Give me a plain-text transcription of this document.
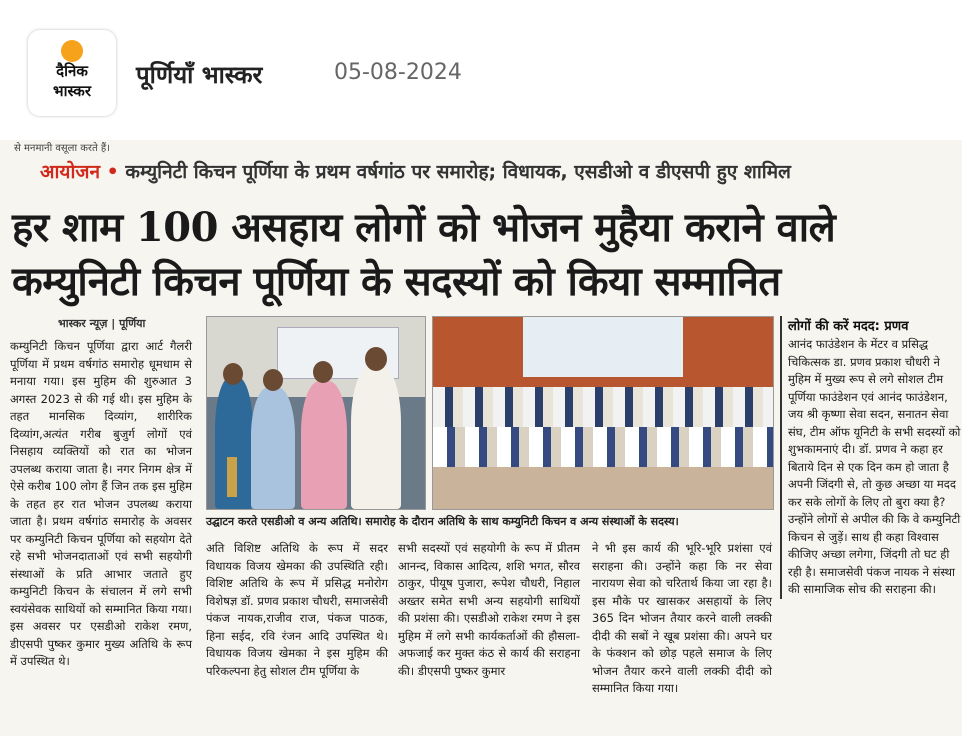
दैनिक
भास्कर
पूर्णियाँ भास्कर	05-08-2024
से मनमानी वसूला करते हैं।
आयोजन • कम्युनिटी किचन पूर्णिया के प्रथम वर्षगांठ पर समारोह; विधायक, एसडीओ व डीएसपी हुए शामिल
हर शाम 100 असहाय लोगों को भोजन मुहैया कराने वाले
कम्युनिटी किचन पूर्णिया के सदस्यों को किया सम्मानित
भास्कर न्यूज़ | पूर्णिया
कम्युनिटी किचन पूर्णिया द्वारा आर्ट गैलरी पूर्णिया में प्रथम वर्षगांठ समारोह धूमधाम से मनाया गया। इस मुहिम की शुरुआत 3 अगस्त 2023 से की गई थी। इस मुहिम के तहत मानसिक दिव्यांग, शारीरिक दिव्यांग,अत्यंत गरीब बुजुर्ग लोगों एवं निसहाय व्यक्तियों को रात का भोजन उपलब्ध कराया जाता है। नगर निगम क्षेत्र में ऐसे करीब 100 लोग हैं जिन तक इस मुहिम के तहत हर रात भोजन उपलब्ध कराया जाता है। प्रथम वर्षगांठ समारोह के अवसर पर कम्युनिटी किचन पूर्णिया को सहयोग देते रहे सभी भोजनदाताओं एवं सभी सहयोगी संस्थाओं के प्रति आभार जताते हुए कम्युनिटी किचन के संचालन में लगे सभी स्वयंसेवक साथियों को सम्मानित किया गया। इस अवसर पर एसडीओ राकेश रमण, डीएसपी पुष्कर कुमार मुख्य अतिथि के रूप में उपस्थित थे।
उद्घाटन करते एसडीओ व अन्य अतिथि। समारोह के दौरान अतिथि के साथ कम्युनिटी किचन व अन्य संस्थाओं के सदस्य।
अति विशिष्ट अतिथि के रूप में सदर विधायक विजय खेमका की उपस्थिति रही। विशिष्ट अतिथि के रूप में प्रसिद्ध मनोरोग विशेषज्ञ डॉ. प्रणव प्रकाश चौधरी, समाजसेवी पंकज नायक,राजीव राज, पंकज पाठक, हिना सईद, रवि रंजन आदि उपस्थित थे। विधायक विजय खेमका ने इस मुहिम की परिकल्पना हेतु सोशल टीम पूर्णिया के
सभी सदस्यों एवं सहयोगी के रूप में प्रीतम आनन्द, विकास आदित्य, शशि भगत, सौरव ठाकुर, पीयूष पुजारा, रूपेश चौधरी, निहाल अख्तर समेत सभी अन्य सहयोगी साथियों की प्रशंसा की। एसडीओ राकेश रमण ने इस मुहिम में लगे सभी कार्यकर्ताओं की हौसला-अफजाई कर मुक्त कंठ से कार्य की सराहना की। डीएसपी पुष्कर कुमार
ने भी इस कार्य की भूरि-भूरि प्रशंसा एवं सराहना की। उन्होंने कहा कि नर सेवा नारायण सेवा को चरितार्थ किया जा रहा है। इस मौके पर खासकर असहायों के लिए 365 दिन भोजन तैयार करने वाली लक्की दीदी की सबों ने खूब प्रशंसा की। अपने घर के फंक्शन को छोड़ पहले समाज के लिए भोजन तैयार करने वाली लक्की दीदी को सम्मानित किया गया।
लोगों की करें मदद: प्रणव
आनंद फाउंडेशन के मेंटर व प्रसिद्ध चिकित्सक डा. प्रणव प्रकाश चौधरी ने मुहिम में मुख्य रूप से लगे सोशल टीम पूर्णिया फाउंडेशन एवं आनंद फाउंडेशन, जय श्री कृष्णा सेवा सदन, सनातन सेवा संघ, टीम ऑफ यूनिटी के सभी सदस्यों को शुभकामनाएं दी। डॉ. प्रणव ने कहा हर बिताये दिन से एक दिन कम हो जाता है अपनी जिंदगी से, तो कुछ अच्छा या मदद कर सके लोगों के लिए तो बुरा क्या है? उन्होंने लोगों से अपील की कि वे कम्युनिटी किचन से जुड़ें। साथ ही कहा विश्वास कीजिए अच्छा लगेगा, जिंदगी तो घट ही रही है। समाजसेवी पंकज नायक ने संस्था की सामाजिक सोच की सराहना की।
